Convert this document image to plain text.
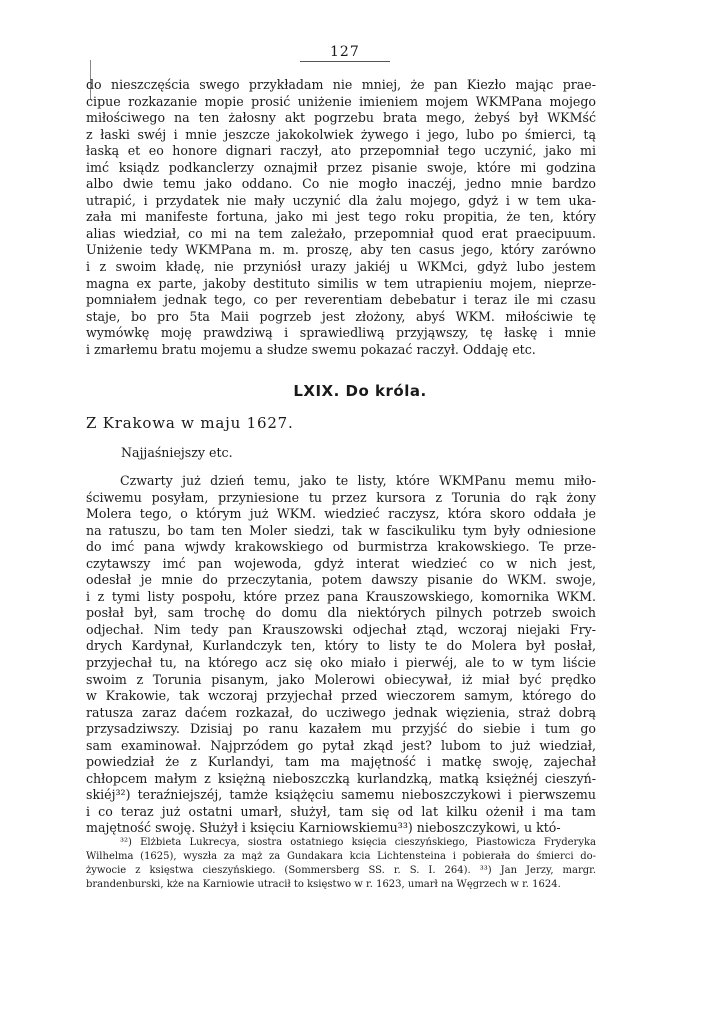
127
do nieszczęścia swego przykładam nie mniej, że pan Kiezło mając prae-
cipue rozkazanie mopie prosić uniżenie imieniem mojem WKMPana mojego
miłościwego na ten żałosny akt pogrzebu brata mego, żebyś był WKMść
z łaski swéj i mnie jeszcze jakokolwiek żywego i jego, lubo po śmierci, tą
łaską et eo honore dignari raczył, ato przepomniał tego uczynić, jako mi
imć ksiądz podkanclerzy oznajmił przez pisanie swoje, które mi godzina
albo dwie temu jako oddano. Co nie mogło inaczéj, jedno mnie bardzo
utrapić, i przydatek nie mały uczynić dla żalu mojego, gdyż i w tem uka-
zała mi manifeste fortuna, jako mi jest tego roku propitia, że ten, który
alias wiedział, co mi na tem zależało, przepomniał quod erat praecipuum.
Uniżenie tedy WKMPana m. m. proszę, aby ten casus jego, który zarówno
i z swoim kładę, nie przyniósł urazy jakiéj u WKMci, gdyż lubo jestem
magna ex parte, jakoby destituto similis w tem utrapieniu mojem, nieprze-
pomniałem jednak tego, co per reverentiam debebatur i teraz ile mi czasu
staje, bo pro 5ta Maii pogrzeb jest złożony, abyś WKM. miłościwie tę
wymówkę moję prawdziwą i sprawiedliwą przyjąwszy, tę łaskę i mnie
i zmarłemu bratu mojemu a słudze swemu pokazać raczył. Oddaję etc.
LXIX. Do króla.
Z Krakowa w maju 1627.
Najjaśniejszy etc.
Czwarty już dzień temu, jako te listy, które WKMPanu memu miło-
ściwemu posyłam, przyniesione tu przez kursora z Torunia do rąk żony
Molera tego, o którym już WKM. wiedzieć raczysz, która skoro oddała je
na ratuszu, bo tam ten Moler siedzi, tak w fascikuliku tym były odniesione
do imć pana wjwdy krakowskiego od burmistrza krakowskiego. Te prze-
czytawszy imć pan wojewoda, gdyż interat wiedzieć co w nich jest,
odesłał je mnie do przeczytania, potem dawszy pisanie do WKM. swoje,
i z tymi listy pospołu, które przez pana Krauszowskiego, komornika WKM.
posłał był, sam trochę do domu dla niektórych pilnych potrzeb swoich
odjechał. Nim tedy pan Krauszowski odjechał ztąd, wczoraj niejaki Fry-
drych Kardynał, Kurlandczyk ten, który to listy te do Molera był posłał,
przyjechał tu, na którego acz się oko miało i pierwéj, ale to w tym liście
swoim z Torunia pisanym, jako Molerowi obiecywał, iż miał być prędko
w Krakowie, tak wczoraj przyjechał przed wieczorem samym, którego do
ratusza zaraz daćem rozkazał, do ucziwego jednak więzienia, straż dobrą
przysadziwszy. Dzisiaj po ranu kazałem mu przyjść do siebie i tum go
sam examinował. Najprzódem go pytał zkąd jest? lubom to już wiedział,
powiedział że z Kurlandyi, tam ma majętność i matkę swoję, zajechał
chłopcem małym z księżną nieboszczką kurlandzką, matką księżnéj cieszyń-
skiéj³²) teraźniejszéj, tamże książęciu samemu nieboszczykowi i pierwszemu
i co teraz już ostatni umarł, służył, tam się od lat kilku ożenił i ma tam
majętność swoję. Służył i księciu Karniowskiemu³³) nieboszczykowi, u któ-
³²) Elżbieta Lukrecya, siostra ostatniego księcia cieszyńskiego, Piastowicza Fryderyka
Wilhelma (1625), wyszła za mąż za Gundakara kcia Lichtensteina i pobierała do śmierci do-
żywocie z księstwa cieszyńskiego. (Sommersberg SS. r. S. I. 264). ³³) Jan Jerzy, margr.
brandenburski, kże na Karniowie utracił to księstwo w r. 1623, umarł na Węgrzech w r. 1624.
